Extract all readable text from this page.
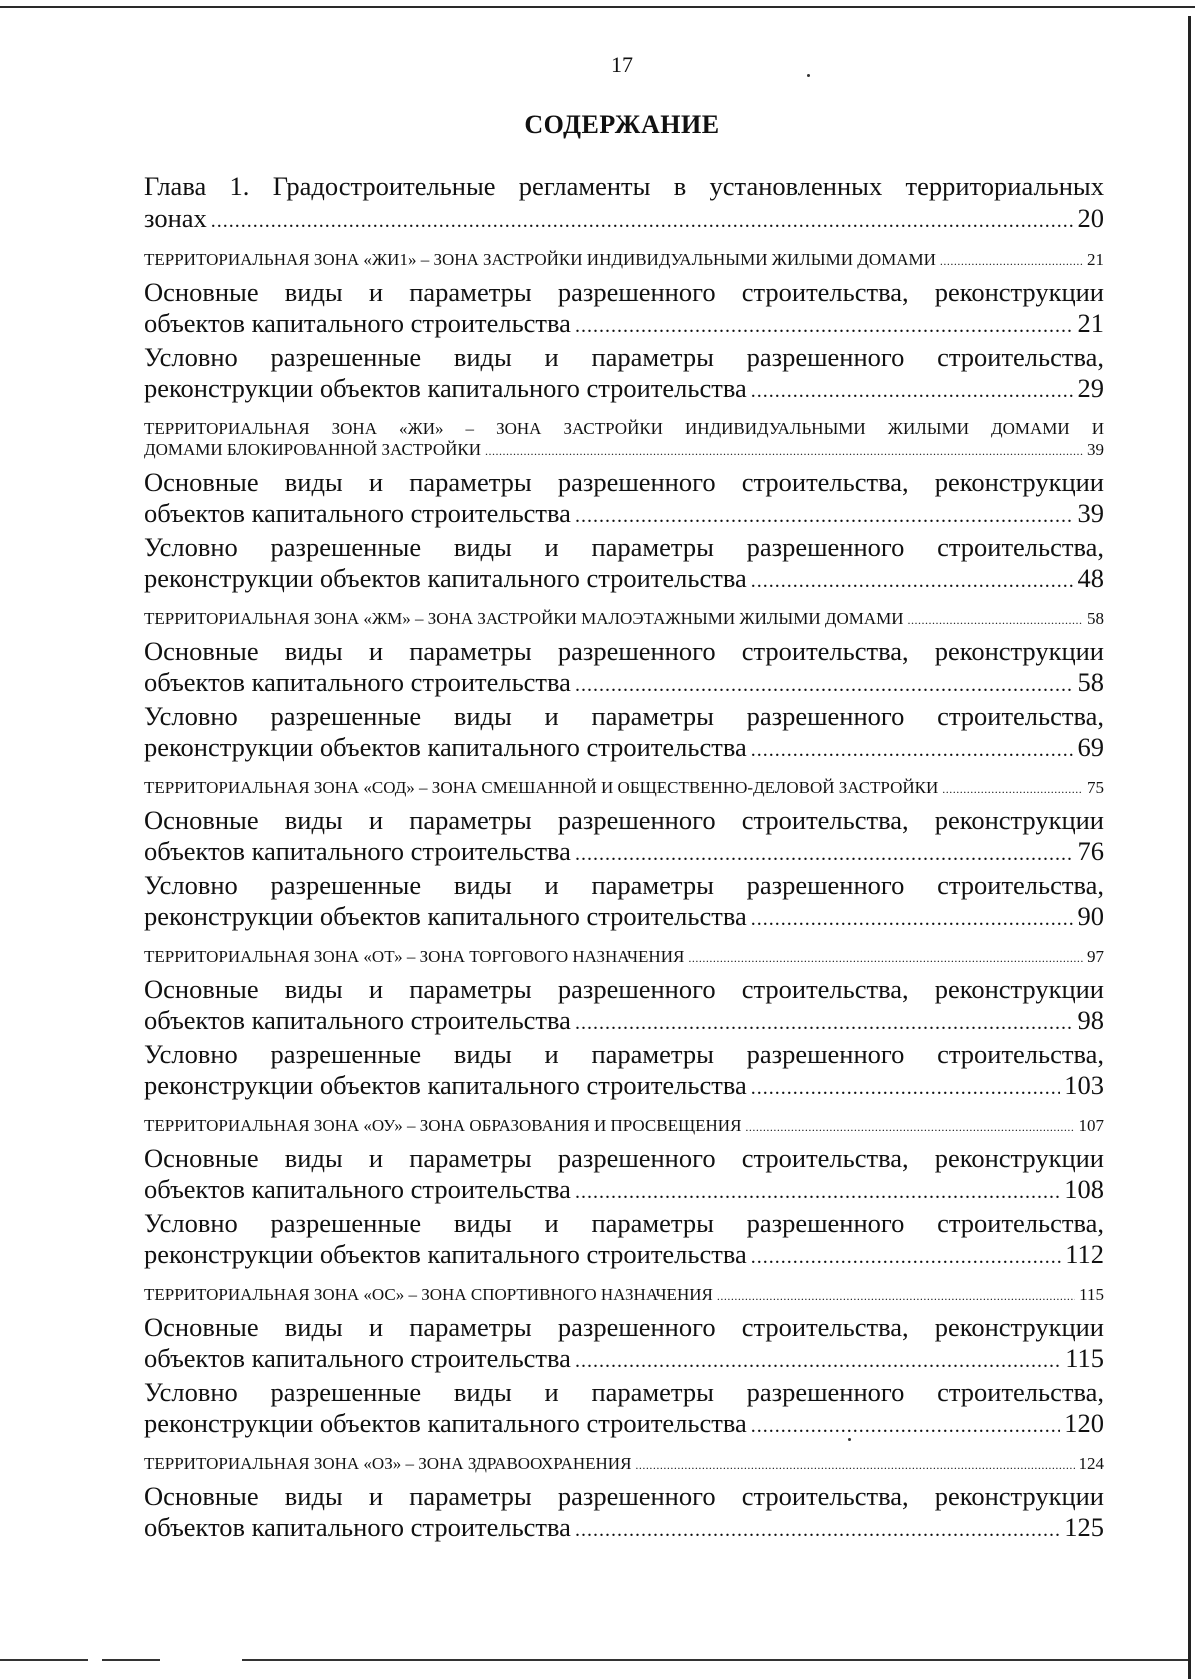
17
СОДЕРЖАНИЕ
Глава 1. Градостроительные регламенты в установленных территориальных
зонах .....	20
ТЕРРИТОРИАЛЬНАЯ ЗОНА «ЖИ1» – ЗОНА ЗАСТРОЙКИ ИНДИВИДУАЛЬНЫМИ ЖИЛЫМИ ДОМАМИ .....	21
Основные виды и параметры разрешенного строительства, реконструкции
объектов капитального строительства .....	21
Условно разрешенные виды и параметры разрешенного строительства,
реконструкции объектов капитального строительства .....	29
ТЕРРИТОРИАЛЬНАЯ ЗОНА «ЖИ» – ЗОНА ЗАСТРОЙКИ ИНДИВИДУАЛЬНЫМИ ЖИЛЫМИ ДОМАМИ И
ДОМАМИ БЛОКИРОВАННОЙ ЗАСТРОЙКИ .....	39
Основные виды и параметры разрешенного строительства, реконструкции
объектов капитального строительства .....	39
Условно разрешенные виды и параметры разрешенного строительства,
реконструкции объектов капитального строительства .....	48
ТЕРРИТОРИАЛЬНАЯ ЗОНА «ЖМ» – ЗОНА ЗАСТРОЙКИ МАЛОЭТАЖНЫМИ ЖИЛЫМИ ДОМАМИ .....	58
Основные виды и параметры разрешенного строительства, реконструкции
объектов капитального строительства .....	58
Условно разрешенные виды и параметры разрешенного строительства,
реконструкции объектов капитального строительства .....	69
ТЕРРИТОРИАЛЬНАЯ ЗОНА «СОД» – ЗОНА СМЕШАННОЙ И ОБЩЕСТВЕННО-ДЕЛОВОЙ ЗАСТРОЙКИ .....	75
Основные виды и параметры разрешенного строительства, реконструкции
объектов капитального строительства .....	76
Условно разрешенные виды и параметры разрешенного строительства,
реконструкции объектов капитального строительства .....	90
ТЕРРИТОРИАЛЬНАЯ ЗОНА «ОТ» – ЗОНА ТОРГОВОГО НАЗНАЧЕНИЯ .....	97
Основные виды и параметры разрешенного строительства, реконструкции
объектов капитального строительства .....	98
Условно разрешенные виды и параметры разрешенного строительства,
реконструкции объектов капитального строительства .....	103
ТЕРРИТОРИАЛЬНАЯ ЗОНА «ОУ» – ЗОНА ОБРАЗОВАНИЯ И ПРОСВЕЩЕНИЯ .....	107
Основные виды и параметры разрешенного строительства, реконструкции
объектов капитального строительства .....	108
Условно разрешенные виды и параметры разрешенного строительства,
реконструкции объектов капитального строительства .....	112
ТЕРРИТОРИАЛЬНАЯ ЗОНА «ОС» – ЗОНА СПОРТИВНОГО НАЗНАЧЕНИЯ .....	115
Основные виды и параметры разрешенного строительства, реконструкции
объектов капитального строительства .....	115
Условно разрешенные виды и параметры разрешенного строительства,
реконструкции объектов капитального строительства .....	120
ТЕРРИТОРИАЛЬНАЯ ЗОНА «ОЗ» – ЗОНА ЗДРАВООХРАНЕНИЯ .....	124
Основные виды и параметры разрешенного строительства, реконструкции
объектов капитального строительства .....	125
